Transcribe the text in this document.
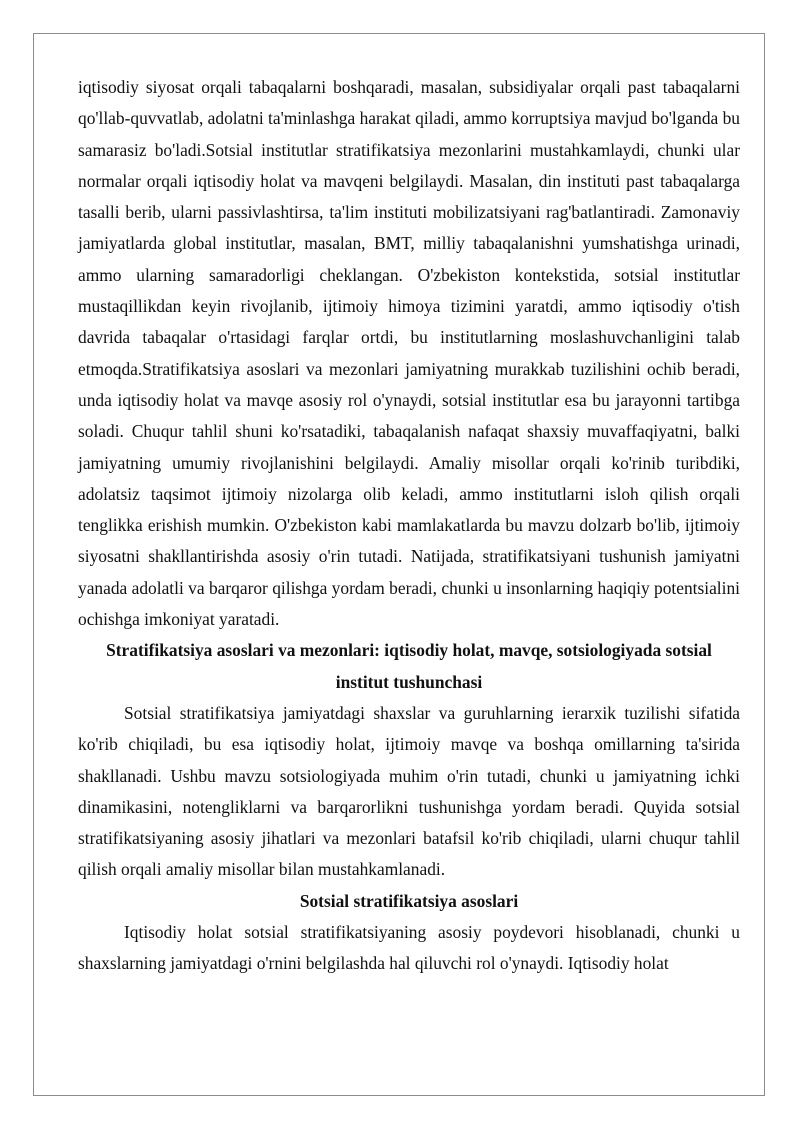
iqtisodiy siyosat orqali tabaqalarni boshqaradi, masalan, subsidiyalar orqali past tabaqalarni qo'llab-quvvatlab, adolatni ta'minlashga harakat qiladi, ammo korruptsiya mavjud bo'lganda bu samarasiz bo'ladi.Sotsial institutlar stratifikatsiya mezonlarini mustahkamlaydi, chunki ular normalar orqali iqtisodiy holat va mavqeni belgilaydi. Masalan, din instituti past tabaqalarga tasalli berib, ularni passivlashtirsa, ta'lim instituti mobilizatsiyani rag'batlantiradi. Zamonaviy jamiyatlarda global institutlar, masalan, BMT, milliy tabaqalanishni yumshatishga urinadi, ammo ularning samaradorligi cheklangan. O'zbekiston kontekstida, sotsial institutlar mustaqillikdan keyin rivojlanib, ijtimoiy himoya tizimini yaratdi, ammo iqtisodiy o'tish davrida tabaqalar o'rtasidagi farqlar ortdi, bu institutlarning moslashuvchanligini talab etmoqda.Stratifikatsiya asoslari va mezonlari jamiyatning murakkab tuzilishini ochib beradi, unda iqtisodiy holat va mavqe asosiy rol o'ynaydi, sotsial institutlar esa bu jarayonni tartibga soladi. Chuqur tahlil shuni ko'rsatadiki, tabaqalanish nafaqat shaxsiy muvaffaqiyatni, balki jamiyatning umumiy rivojlanishini belgilaydi. Amaliy misollar orqali ko'rinib turibdiki, adolatsiz taqsimot ijtimoiy nizolarga olib keladi, ammo institutlarni isloh qilish orqali tenglikka erishish mumkin. O'zbekiston kabi mamlakatlarda bu mavzu dolzarb bo'lib, ijtimoiy siyosatni shakllantirishda asosiy o'rin tutadi. Natijada, stratifikatsiyani tushunish jamiyatni yanada adolatli va barqaror qilishga yordam beradi, chunki u insonlarning haqiqiy potentsialini ochishga imkoniyat yaratadi.

Stratifikatsiya asoslari va mezonlari: iqtisodiy holat, mavqe, sotsiologiyada sotsial institut tushunchasi

Sotsial stratifikatsiya jamiyatdagi shaxslar va guruhlarning ierarxik tuzilishi sifatida ko'rib chiqiladi, bu esa iqtisodiy holat, ijtimoiy mavqe va boshqa omillarning ta'sirida shakllanadi. Ushbu mavzu sotsiologiyada muhim o'rin tutadi, chunki u jamiyatning ichki dinamikasini, notengliklarni va barqarorlikni tushunishga yordam beradi. Quyida sotsial stratifikatsiyaning asosiy jihatlari va mezonlari batafsil ko'rib chiqiladi, ularni chuqur tahlil qilish orqali amaliy misollar bilan mustahkamlanadi.

Sotsial stratifikatsiya asoslari

Iqtisodiy holat sotsial stratifikatsiyaning asosiy poydevori hisoblanadi, chunki u shaxslarning jamiyatdagi o'rnini belgilashda hal qiluvchi rol o'ynaydi. Iqtisodiy holat
